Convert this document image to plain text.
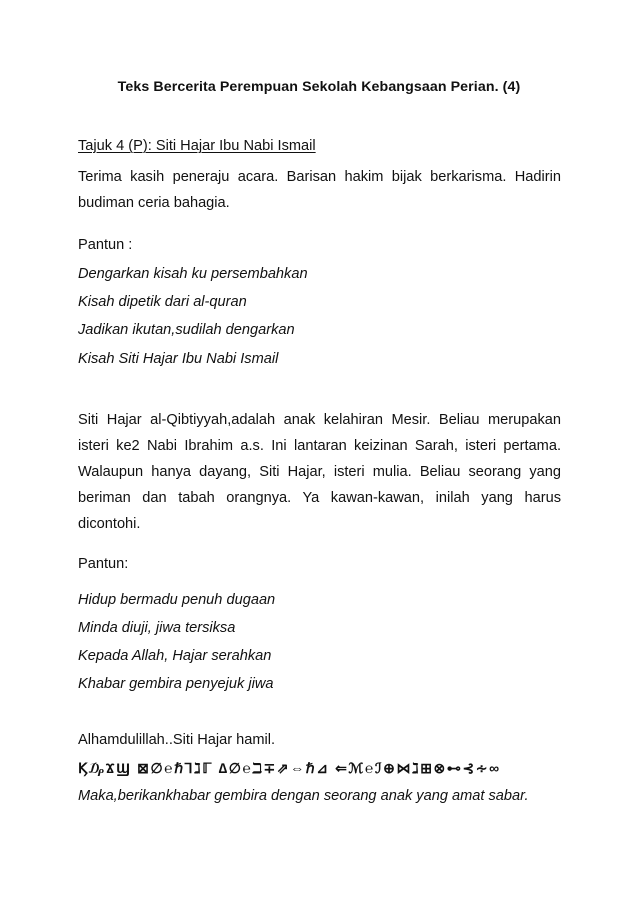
Teks Bercerita Perempuan Sekolah Kebangsaan Perian. (4)
Tajuk 4 (P): Siti Hajar Ibu Nabi Ismail
Terima kasih peneraju acara. Barisan hakim bijak berkarisma. Hadirin budiman ceria bahagia.
Pantun :
Dengarkan kisah ku persembahkan
Kisah dipetik dari al-quran
Jadikan ikutan,sudilah dengarkan
Kisah Siti Hajar Ibu Nabi Ismail
Siti Hajar al-Qibtiyyah,adalah anak kelahiran Mesir. Beliau merupakan isteri ke2 Nabi Ibrahim a.s. Ini lantaran keizinan Sarah, isteri pertama. Walaupun hanya dayang, Siti Hajar, isteri mulia. Beliau seorang yang beriman dan tabah orangnya. Ya kawan-kawan, inilah yang harus dicontohi.
Pantun:
Hidup bermadu penuh dugaan
Minda diuji, jiwa tersiksa
Kepada Allah, Hajar serahkan
Khabar gembira penyejuk jiwa
Alhamdulillah..Siti Hajar hamil.
Ϗ₯ϪϢ ⊠∅℮ℏ⅂ℷℾ ∆∅℮ℶ∓⇗⇔ℏ⊿ ⇐ℳ℮ℐ⊕⋈ℷ⊞⊗⊷⊰∻∞
Maka,berikankhabar gembira dengan seorang anak yang amat sabar.
